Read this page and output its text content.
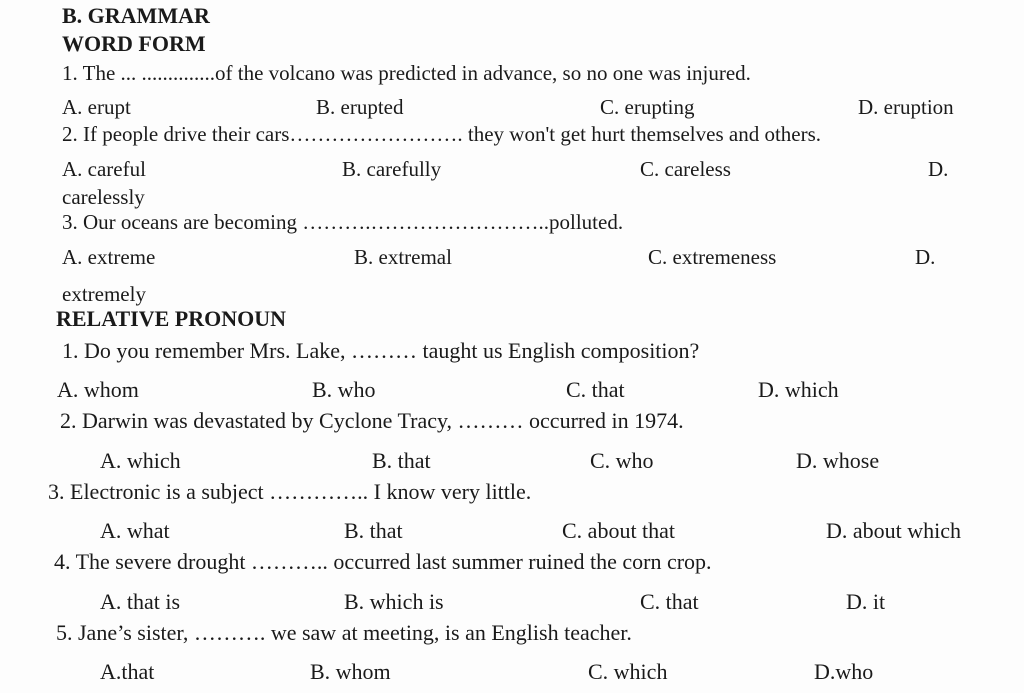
B. GRAMMAR
WORD FORM
1. The ... ..............of the volcano was predicted in advance, so no one was injured.
A. erupt	B. erupted	C. erupting	D. eruption
2. If people drive their cars……………………. they won't get hurt themselves and others.
A. careful	B. carefully	C. careless	D.
carelessly
3. Our oceans are becoming ……….……………………..polluted.
A. extreme	B. extremal	C. extremeness	D.
extremely
RELATIVE PRONOUN
1. Do you remember Mrs. Lake, ……… taught us English composition?
A. whom	B. who	C. that	D. which
2. Darwin was devastated by Cyclone Tracy, ……… occurred in 1974.
A. which	B. that	C. who	D. whose
3. Electronic is a subject ………….. I know very little.
A. what	B. that	C. about that	D. about which
4. The severe drought ……….. occurred last summer ruined the corn crop.
A. that is	B. which is	C. that	D. it
5. Jane’s sister, ………. we saw at meeting, is an English teacher.
A.that	B. whom	C. which	D.who
